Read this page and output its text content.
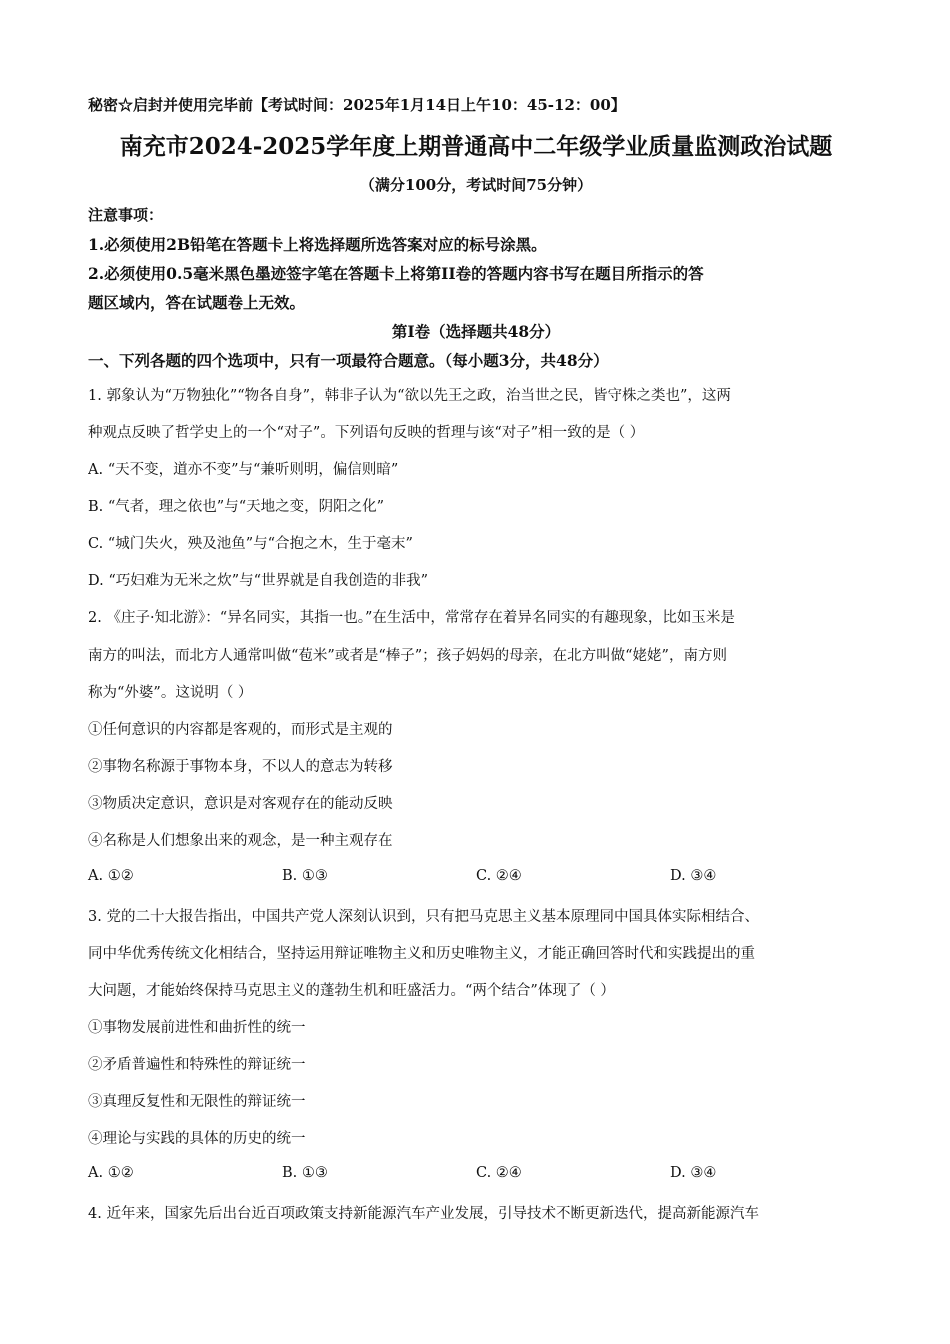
秘密☆启封并使用完毕前【考试时间：2025年1月14日上午10：45-12：00】
南充市2024-2025学年度上期普通高中二年级学业质量监测政治试题
（满分100分，考试时间75分钟）
注意事项：
1.必须使用2B铅笔在答题卡上将选择题所选答案对应的标号涂黑。
2.必须使用0.5毫米黑色墨迹签字笔在答题卡上将第II卷的答题内容书写在题目所指示的答
题区域内，答在试题卷上无效。
第I卷（选择题共48分）
一、下列各题的四个选项中，只有一项最符合题意。（每小题3分，共48分）
1. 郭象认为“万物独化”“物各自身”，韩非子认为“欲以先王之政，治当世之民，皆守株之类也”，这两
种观点反映了哲学史上的一个“对子”。下列语句反映的哲理与该“对子”相一致的是（ ）
A. “天不变，道亦不变”与“兼听则明，偏信则暗”
B. “气者，理之依也”与“天地之变，阴阳之化”
C. “城门失火，殃及池鱼”与“合抱之木，生于毫末”
D. “巧妇难为无米之炊”与“世界就是自我创造的非我”
2. 《庄子·知北游》：“异名同实，其指一也。”在生活中，常常存在着异名同实的有趣现象，比如玉米是
南方的叫法，而北方人通常叫做“苞米”或者是“棒子”；孩子妈妈的母亲，在北方叫做“姥姥”，南方则
称为“外婆”。这说明（ ）
①任何意识的内容都是客观的，而形式是主观的
②事物名称源于事物本身，不以人的意志为转移
③物质决定意识，意识是对客观存在的能动反映
④名称是人们想象出来的观念，是一种主观存在
A. ①②	B. ①③	C. ②④	D. ③④
3. 党的二十大报告指出，中国共产党人深刻认识到，只有把马克思主义基本原理同中国具体实际相结合、
同中华优秀传统文化相结合，坚持运用辩证唯物主义和历史唯物主义，才能正确回答时代和实践提出的重
大问题，才能始终保持马克思主义的蓬勃生机和旺盛活力。“两个结合”体现了（ ）
①事物发展前进性和曲折性的统一
②矛盾普遍性和特殊性的辩证统一
③真理反复性和无限性的辩证统一
④理论与实践的具体的历史的统一
A. ①②	B. ①③	C. ②④	D. ③④
4. 近年来，国家先后出台近百项政策支持新能源汽车产业发展，引导技术不断更新迭代，提高新能源汽车
